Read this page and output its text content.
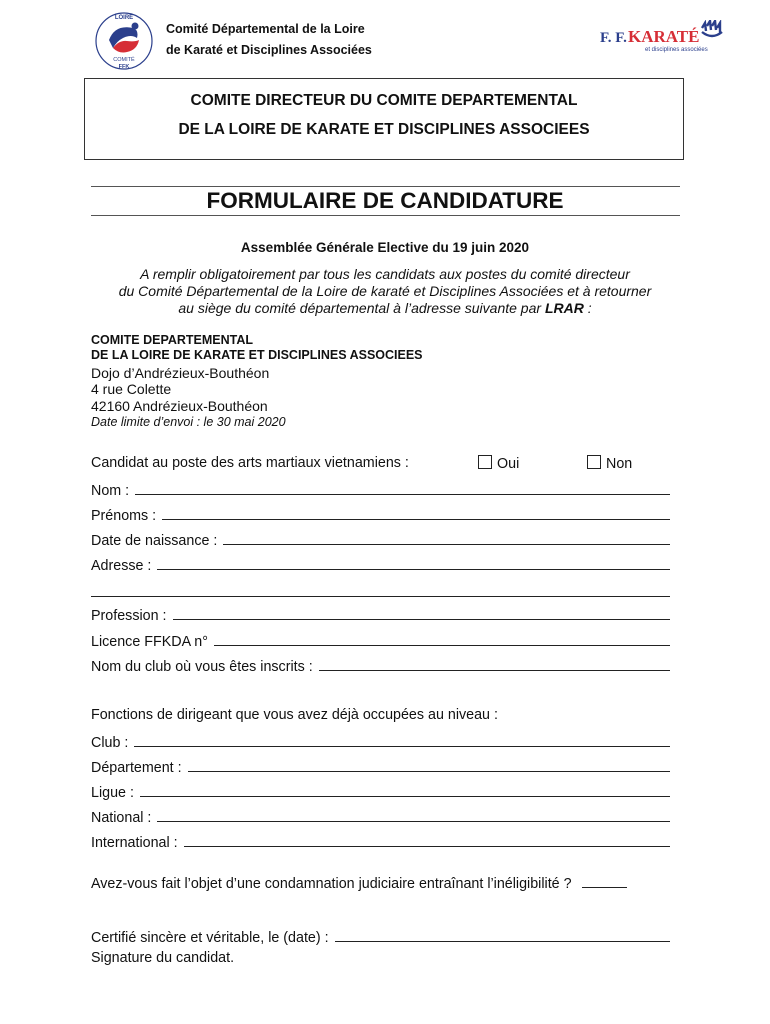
LOIRE
COMITÉ
FFK
Comité Départemental de la Loire
de Karaté et Disciplines Associées
F. F. KARATÉ
et disciplines associées
COMITE DIRECTEUR DU COMITE DEPARTEMENTAL
DE LA LOIRE DE KARATE ET DISCIPLINES ASSOCIEES
FORMULAIRE DE CANDIDATURE
Assemblée Générale Elective du 19 juin 2020
A remplir obligatoirement par tous les candidats aux postes du comité directeur
du Comité Départemental de la Loire de karaté et Disciplines Associées et à retourner
au siège du comité départemental à l’adresse suivante par LRAR :
COMITE DEPARTEMENTAL
DE LA LOIRE DE KARATE ET DISCIPLINES ASSOCIEES
Dojo d’Andrézieux-Bouthéon
4 rue Colette
42160 Andrézieux-Bouthéon
Date limite d’envoi : le 30 mai 2020
Candidat au poste des arts martiaux vietnamiens :	Oui	Non
Nom :
Prénoms :
Date de naissance :
Adresse :
Profession :
Licence FFKDA n°
Nom du club où vous êtes inscrits :
Fonctions de dirigeant que vous avez déjà occupées au niveau :
Club :
Département :
Ligue :
National :
International :
Avez-vous fait l’objet d’une condamnation judiciaire entraînant l’inéligibilité ?
Certifié sincère et véritable, le (date) :
Signature du candidat.
